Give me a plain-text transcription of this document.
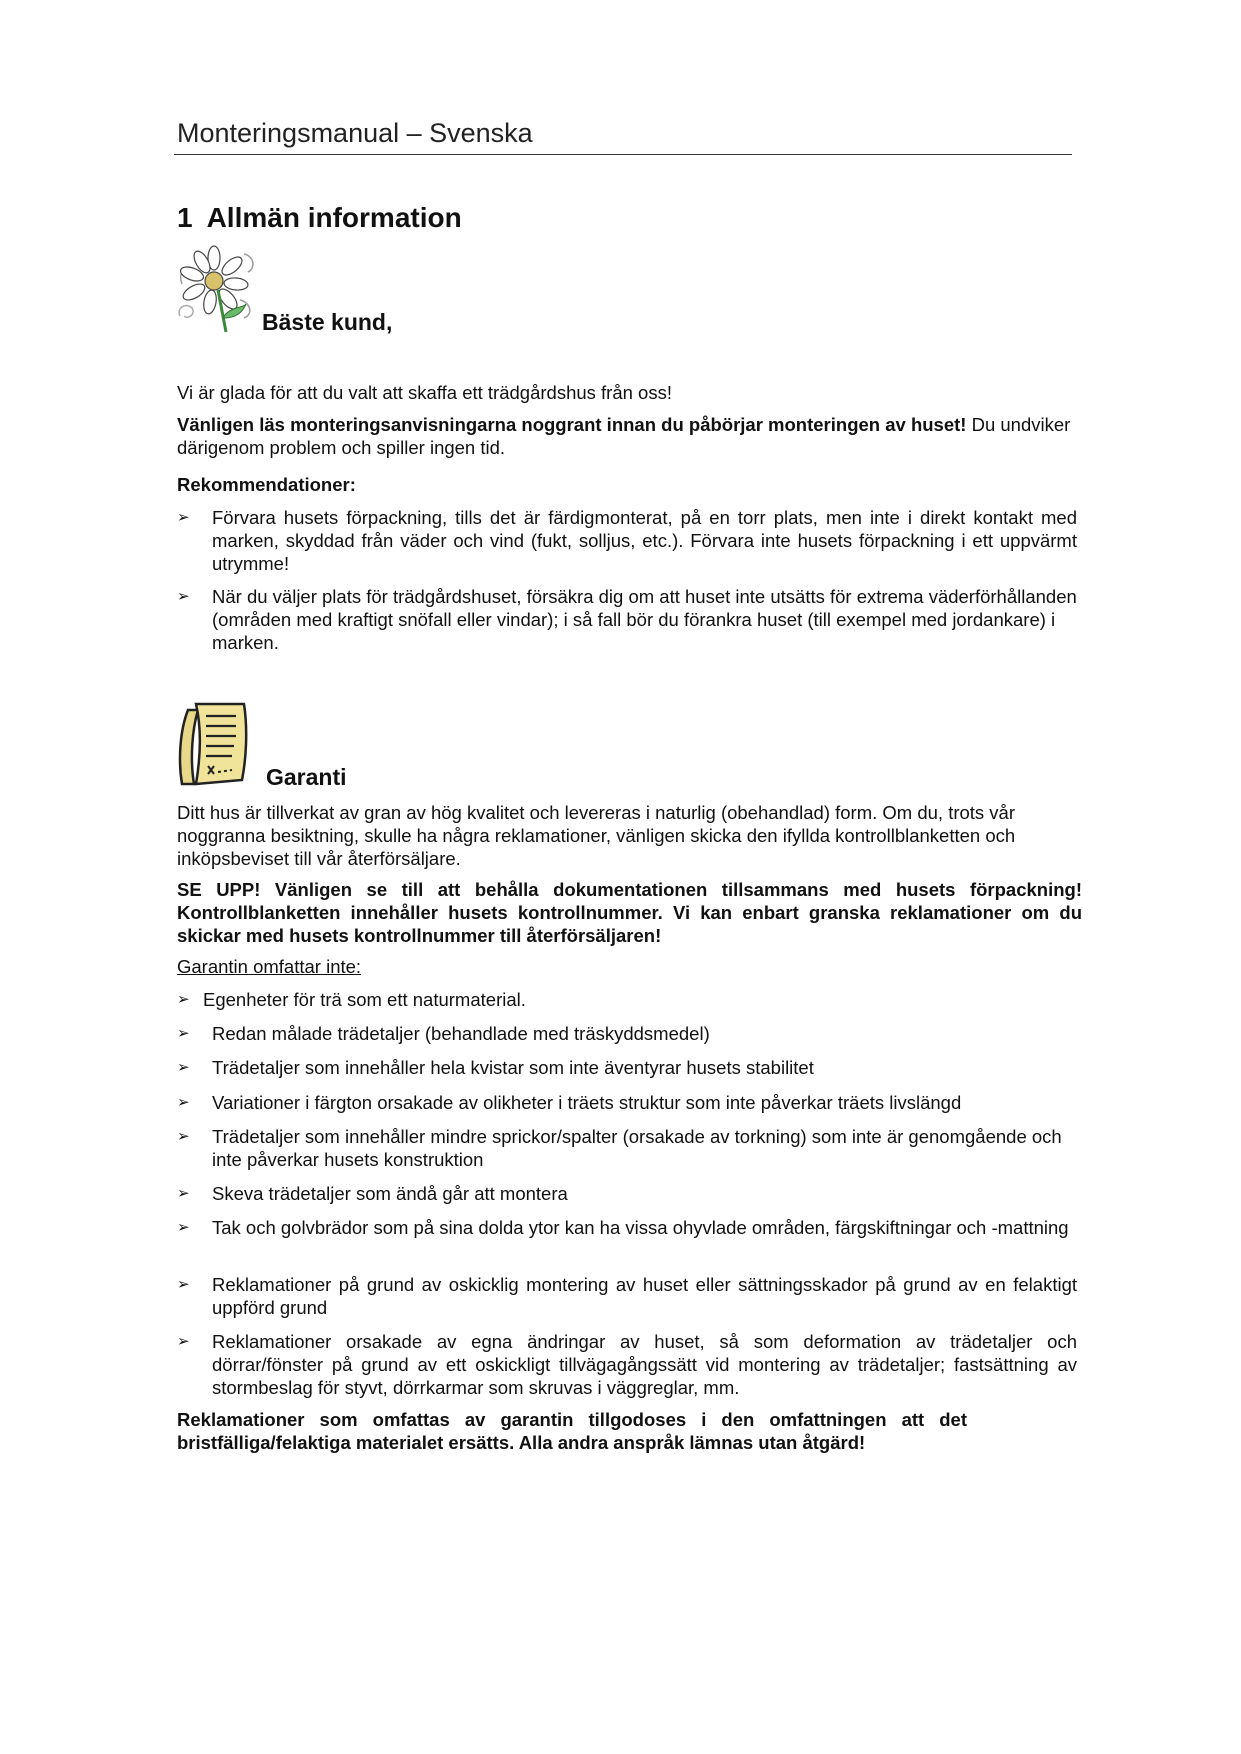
Monteringsmanual – Svenska
1 Allmän information
Bäste kund,
Vi är glada för att du valt att skaffa ett trädgårdshus från oss!
Vänligen läs monteringsanvisningarna noggrant innan du påbörjar monteringen av huset! Du undviker därigenom problem och spiller ingen tid.
Rekommendationer:
➢	Förvara husets förpackning, tills det är färdigmonterat, på en torr plats, men inte i direkt kontakt med marken, skyddad från väder och vind (fukt, solljus, etc.). Förvara inte husets förpackning i ett uppvärmt utrymme!
➢	När du väljer plats för trädgårdshuset, försäkra dig om att huset inte utsätts för extrema väderförhållanden (områden med kraftigt snöfall eller vindar); i så fall bör du förankra huset (till exempel med jordankare) i marken.
Garanti
Ditt hus är tillverkat av gran av hög kvalitet och levereras i naturlig (obehandlad) form. Om du, trots vår noggranna besiktning, skulle ha några reklamationer, vänligen skicka den ifyllda kontrollblanketten och inköpsbeviset till vår återförsäljare.
SE UPP! Vänligen se till att behålla dokumentationen tillsammans med husets förpackning! Kontrollblanketten innehåller husets kontrollnummer. Vi kan enbart granska reklamationer om du skickar med husets kontrollnummer till återförsäljaren!
Garantin omfattar inte:
➢ Egenheter för trä som ett naturmaterial.
➢	Redan målade trädetaljer (behandlade med träskyddsmedel)
➢	Trädetaljer som innehåller hela kvistar som inte äventyrar husets stabilitet
➢	Variationer i färgton orsakade av olikheter i träets struktur som inte påverkar träets livslängd
➢	Trädetaljer som innehåller mindre sprickor/spalter (orsakade av torkning) som inte är genomgående och inte påverkar husets konstruktion
➢	Skeva trädetaljer som ändå går att montera
➢	Tak och golvbrädor som på sina dolda ytor kan ha vissa ohyvlade områden, färgskiftningar och -mattning
➢	Reklamationer på grund av oskicklig montering av huset eller sättningsskador på grund av en felaktigt uppförd grund
➢	Reklamationer orsakade av egna ändringar av huset, så som deformation av trädetaljer och dörrar/fönster på grund av ett oskickligt tillvägagångssätt vid montering av trädetaljer; fastsättning av stormbeslag för styvt, dörrkarmar som skruvas i väggreglar, mm.
Reklamationer som omfattas av garantin tillgodoses i den omfattningen att det bristfälliga/felaktiga materialet ersätts. Alla andra anspråk lämnas utan åtgärd!
